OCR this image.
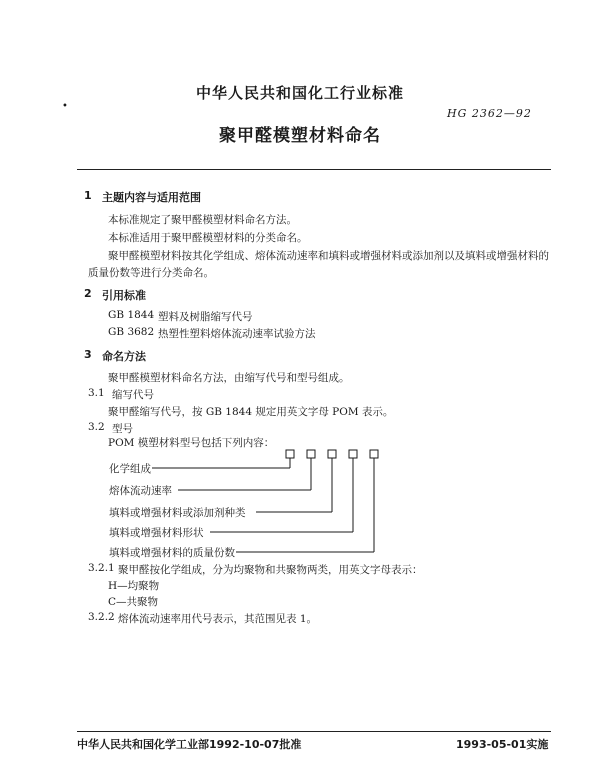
•
中华人民共和国化工行业标准
HG 2362—92
聚甲醛模塑材料命名
1 主题内容与适用范围
本标准规定了聚甲醛模塑材料命名方法。
本标准适用于聚甲醛模塑材料的分类命名。
聚甲醛模塑材料按其化学组成、熔体流动速率和填料或增强材料或添加剂以及填料或增强材料的
质量份数等进行分类命名。
2 引用标准
GB 1844 塑料及树脂缩写代号
GB 3682 热塑性塑料熔体流动速率试验方法
3 命名方法
聚甲醛模塑材料命名方法，由缩写代号和型号组成。
3.1 缩写代号
聚甲醛缩写代号，按 GB 1844 规定用英文字母 POM 表示。
3.2 型号
POM 模塑材料型号包括下列内容：
化学组成
熔体流动速率
填料或增强材料或添加剂种类
填料或增强材料形状
填料或增强材料的质量份数
3.2.1 聚甲醛按化学组成，分为均聚物和共聚物两类，用英文字母表示：
H—均聚物
C—共聚物
3.2.2 熔体流动速率用代号表示，其范围见表 1。
中华人民共和国化学工业部1992-10-07批准	1993-05-01实施
